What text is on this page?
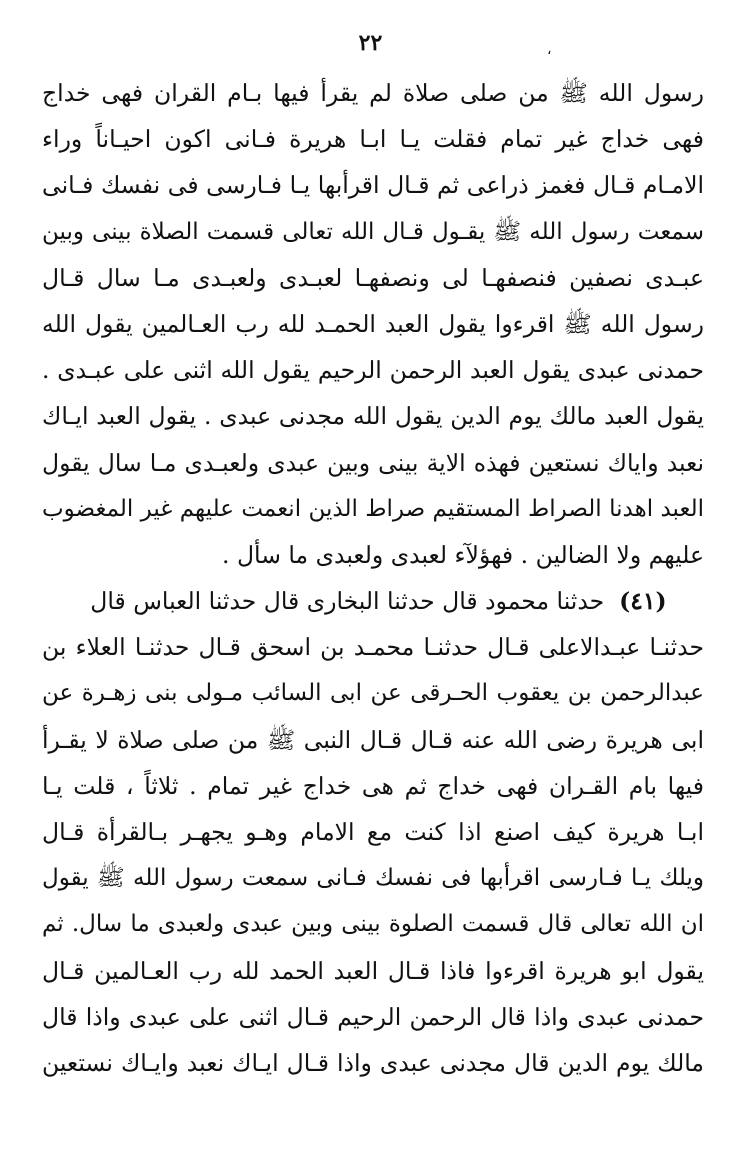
٢٢	،
رسول الله ﷺ من صلى صلاة لم يقرأ فيها بـام القران فهى خداج
فهى خداج غير تمام فقلت يـا ابـا هريرة فـانى اكون احيـاناً وراء
الامـام قـال فغمز ذراعى ثم قـال اقرأبها يـا فـارسى فى نفسك فـانى
سمعت رسول الله ﷺ يقـول قـال الله تعالى قسمت الصلاة بينى وبين
عبـدى نصفين فنصفهـا لى ونصفهـا لعبـدى ولعبـدى مـا سال قـال
رسول الله ﷺ اقرءوا يقول العبد الحمـد لله رب العـالمين يقول الله
حمدنى عبدى يقول العبد الرحمن الرحيم يقول الله اثنى على عبـدى .
يقول العبد مالك يوم الدين يقول الله مجدنى عبدى . يقول العبد ايـاك
نعبد واياك نستعين فهذه الاية بينى وبين عبدى ولعبـدى مـا سال يقول
العبد اهدنا الصراط المستقيم صراط الذين انعمت عليهم غير المغضوب
عليهم ولا الضالين . فهؤلآء لعبدى ولعبدى ما سأل .
(٤١)  حدثنا محمود قال حدثنا البخارى قال حدثنا العباس قال
حدثنـا عبـدالاعلى قـال حدثنـا محمـد بن اسحق قـال حدثنـا العلاء بن
عبدالرحمن بن يعقوب الحـرقى عن ابى السائب مـولى بنى زهـرة عن
ابى هريرة رضى الله عنه قـال قـال النبى ﷺ من صلى صلاة لا يقـرأ
فيها بام القـران فهى خداج ثم هى خداج غير تمام . ثلاثاً ، قلت يـا
ابـا هريرة كيف اصنع اذا كنت مع الامام وهـو يجهـر بـالقرأة قـال
ويلك يـا فـارسى اقرأبها فى نفسك فـانى سمعت رسول الله ﷺ يقول
ان الله تعالى قال قسمت الصلوة بينى وبين عبدى ولعبدى ما سال. ثم
يقول ابو هريرة اقرءوا فاذا قـال العبد الحمد لله رب العـالمين قـال
حمدنى عبدى واذا قال الرحمن الرحيم قـال اثنى على عبدى واذا قال
مالك يوم الدين قال مجدنى عبدى واذا قـال ايـاك نعبد وايـاك نستعين
